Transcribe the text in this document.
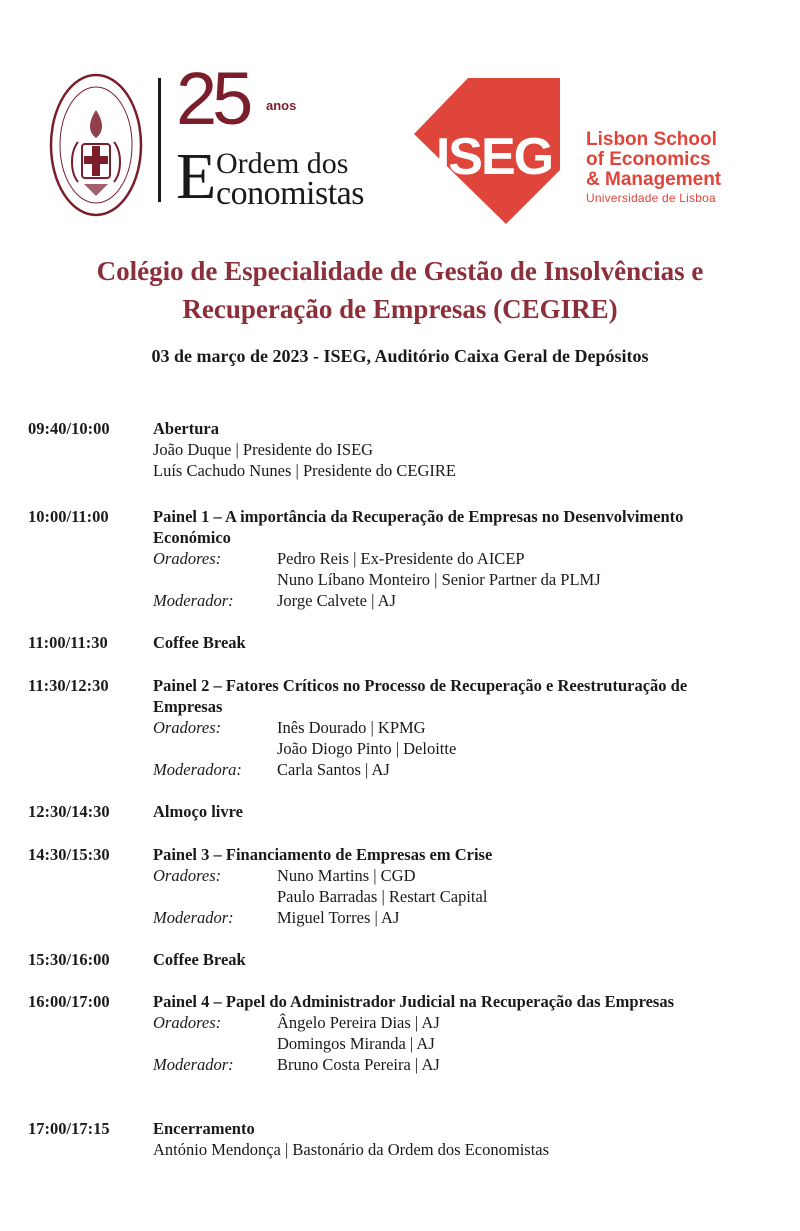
25 anos
E Ordem dos
conomistas
ISEG Lisbon School
of Economics
& Management
Universidade de Lisboa
Colégio de Especialidade de Gestão de Insolvências e
Recuperação de Empresas (CEGIRE)
03 de março de 2023 - ISEG, Auditório Caixa Geral de Depósitos
09:40/10:00	Abertura
João Duque | Presidente do ISEG
Luís Cachudo Nunes | Presidente do CEGIRE
10:00/11:00	Painel 1 – A importância da Recuperação de Empresas no Desenvolvimento
Económico
Oradores:	Pedro Reis | Ex-Presidente do AICEP
Nuno Líbano Monteiro | Senior Partner da PLMJ
Moderador:	Jorge Calvete | AJ
11:00/11:30	Coffee Break
11:30/12:30	Painel 2 – Fatores Críticos no Processo de Recuperação e Reestruturação de
Empresas
Oradores:	Inês Dourado | KPMG
João Diogo Pinto | Deloitte
Moderadora: Carla Santos | AJ
12:30/14:30	Almoço livre
14:30/15:30	Painel 3 – Financiamento de Empresas em Crise
Oradores:	Nuno Martins | CGD
Paulo Barradas | Restart Capital
Moderador:	Miguel Torres | AJ
15:30/16:00	Coffee Break
16:00/17:00	Painel 4 – Papel do Administrador Judicial na Recuperação das Empresas
Oradores:	Ângelo Pereira Dias | AJ
Domingos Miranda | AJ
Moderador:	Bruno Costa Pereira | AJ
17:00/17:15	Encerramento
António Mendonça | Bastonário da Ordem dos Economistas
